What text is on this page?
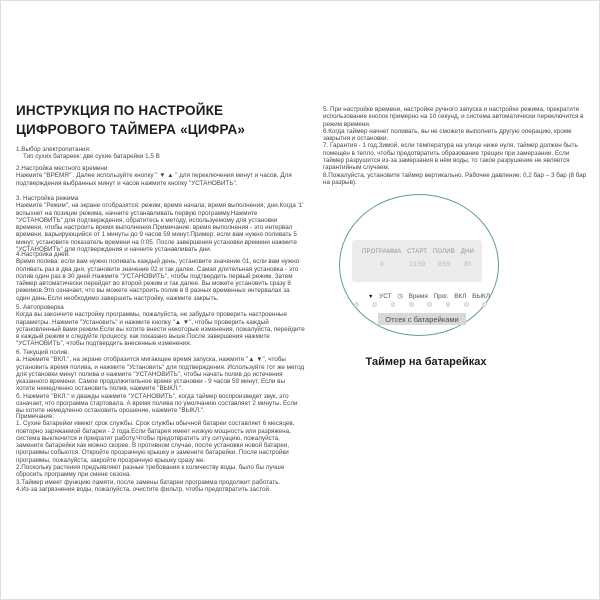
ИНСТРУКЦИЯ ПО НАСТРОЙКЕ
ЦИФРОВОГО ТАЙМЕРА «ЦИФРА»

1.Выбор электропитания:

Тип сухих батареек: две сухие батарейки 1,5 В

2.Настройка местного времени

Нажмите "ВРЕМЯ" . Далее используйте кнопку " ▼ ▲ " для переключения минут и часов. Для подтверждения выбранных минут и часов нажмите кнопку "УСТАНОВИТЬ".

3. Настройка режима

Нажмите "Режим", на экране отобразятся: режим; время начала; время выполнения; дни.Когда '1' вспыхнет на позиции режима, начните устанавливать первую программу.Нажмите "УСТАНОВИТЬ" для подтверждения, обратитесь к методу, используемому для установки времени, чтобы настроить время выполнения.Примечание: время выполнения - это интервал времени, варьирующийся от 1 минуты до 9 часов 59 минут.Пример: если вам нужно поливать 5 минут, установите показатель времени на 0:05. После завершения установки времени нажмите "УСТАНОВИТЬ" для подтверждения и начните устанавливать дни.

4.Настройка дней.

Время полива: если вам нужно поливать каждый день, установите значение 01, если вам нужно поливать раз в два дня, установите значение 02 и так далее. Самая длительная установка - это полив один раз в 30 дней.Нажмите "УСТАНОВИТЬ", чтобы подтвердить первый режим. Затем таймер автоматически перейдет во второй режим и так далее. Вы можете установить сразу 8 режимов.Это означает, что вы можете настроить полив в 8 разных временных интервалах за один день.Если необходимо завершить настройку, нажмите закрыть.

5. Автопроверка

Когда вы закончите настройку программы, пожалуйста, не забудьте проверить настроенные параметры. Нажмите "Установить" и нажмите кнопку "▲ ▼", чтобы проверить каждый установленный вами режим.Если вы хотите внести некоторые изменения, пожалуйста, перейдите в каждый режим и следуйте процессу, как показано выше.После завершения нажмите "УСТАНОВИТЬ", чтобы подтвердить внесенные изменения.

6. Текущий полив.

а. Нажмите "ВКЛ.", на экране отобразится мигающее время запуска, нажмите "▲ ▼", чтобы установить время полива, и нажмите "Установить" для подтверждения. Используйте тот же метод для установки минут полива и нажмите "УСТАНОВИТЬ", чтобы начать полив до истечения указанного времени. Самое продолжительное время установки - 9 часов 59 минут. Если вы хотите немедленно остановить полив, нажмите "ВЫКЛ.".

б. Нажмите "ВКЛ." и дважды нажмите "УСТАНОВИТЬ", когда таймер воспроизведет звук, это означает, что программа стартовала. А время полива по умолчанию составляет 2 минуты. Если вы хотите немедленно остановить орошение, нажмите "ВЫКЛ.".

Примечание:

1. Сухие батарейки имеют срок службы. Срок службы обычной батареи составляет 6 месяцев, повторно заряжаемой батареи - 2 года.Если батарея имеет низкую мощность или разряжена, система выключится и прекратит работу.Чтобы предотвратить эту ситуацию, пожалуйста, замените батарейки как можно скорее. В противном случае, после установки новой батареи, программы собьются. Откройте прозрачную крышку и замените батарейки. После настройки программы, пожалуйста, закройте прозрачную крышку сразу же.

2.Поскольку растения предъявляют разные требования к количеству воды, было бы лучше сбросить программу при смене сезона.

3.Таймер имеет функцию памяти, после замены батареи программа продолжит работать.

4.Из-за загрязнения воды, пожалуйста, очистите фильтр, чтобы предотвратить застой.

5. При настройке времени, настройке ручного запуска и настройке режима, прекратите использование кнопок примерно на 10 секунд, и система автоматически переключится в режим времени.

6.Когда таймер начнет поливать, вы не сможете выполнить другую операцию, кроме закрытия и остановки.

7. Гарантия - 1 год.Зимой, если температура на улице ниже нуля, таймер должен быть помещён в тепло, чтобы предотвратить образование трещин при замерзании. Если таймер разрушится из-за замерзания в нём воды, то такое разрушение не является гарантийным случаем.

8.Пожалуйста, установите таймер вертикально. Рабочее давление: 0,2 бар – 3 бар (8 бар на разрыв).

ПРОГРАММА
8
СТАРТ
23:59
ПОЛИВ
9:59
ДНИ
30
▼ УСТ ◷ Время Прог. ВКЛ ВЫКЛ
Отсек с батарейками
Таймер на батарейках
